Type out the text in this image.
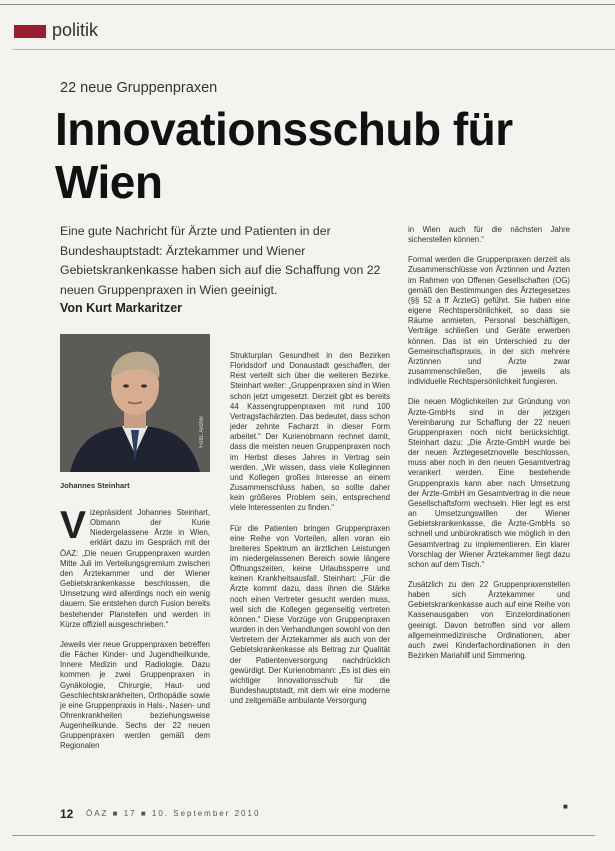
politik
22 neue Gruppenpraxen
Innovationsschub für Wien

Eine gute Nachricht für Ärzte und Patienten in der Bundeshauptstadt: Ärztekammer und Wiener Gebietskrankenkasse haben sich auf die Schaffung von 22 neuen Gruppenpraxen in Wien geeinigt.

Von Kurt Markaritzer
Foto: Archiv
Johannes Steinhart

Vizepräsident Johannes Steinhart, Obmann der Kurie Niedergelassene Ärzte in Wien, erklärt dazu im Gespräch mit der ÖAZ: „Die neuen Gruppenpraxen wurden Mitte Juli im Verteilungsgremium zwischen den Ärztekammer und der Wiener Gebietskrankenkasse beschlossen, die Umsetzung wird allerdings noch ein wenig dauern. Sie entstehen durch Fusion bereits bestehender Planstellen und werden in Kürze offiziell ausgeschrieben.“

Jeweils vier neue Gruppenpraxen betreffen die Fächer Kinder- und Jugendheilkunde, Innere Medizin und Radiologie. Dazu kommen je zwei Gruppenpraxen in Gynäkologie, Chirurgie, Haut- und Geschlechtskrankheiten, Orthopädie sowie je eine Gruppenpraxis in Hals-, Nasen- und Ohrenkrankheiten beziehungsweise Augenheilkunde. Sechs der 22 neuen Gruppenpraxen werden gemäß dem Regionalen

Strukturplan Gesundheit in den Bezirken Floridsdorf und Donaustadt geschaffen, der Rest verteilt sich über die weiteren Bezirke. Steinhart weiter: „Gruppenpraxen sind in Wien schon jetzt umgesetzt. Derzeit gibt es bereits 44 Kassengruppenpraxen mit rund 100 Vertragsfachärzten. Das bedeutet, dass schon jeder zehnte Facharzt in dieser Form arbeitet.“ Der Kurienobmann rechnet damit, dass die meisten neuen Gruppenpraxen noch im Herbst dieses Jahres in Vertrag sein werden. „Wir wissen, dass viele Kolleginnen und Kollegen großes Interesse an einem Zusammenschluss haben, so sollte daher kein größeres Problem sein, entsprechend viele Interessenten zu finden.“

Für die Patienten bringen Gruppenpraxen eine Reihe von Vorteilen, allen voran ein breiteres Spektrum an ärztlichen Leistungen im niedergelassenen Bereich sowie längere Öffnungszeiten, keine Urlaubssperre und keinen Krankheitsausfall. Steinhart: „Für die Ärzte kommt dazu, dass ihnen die Stärke noch einen Vertreter gesucht werden muss, weil sich die Kollegen gegenseitig vertreten können.“ Diese Vorzüge von Gruppenpraxen wurden in den Verhandlungen sowohl von den Vertretern der Ärztekammer als auch von der Gebietskrankenkasse als Beitrag zur Qualität der Patientenversorgung nachdrücklich gewürdigt. Der Kurienobmann: „Es ist dies ein wichtiger Innovationsschub für die Bundeshauptstadt, mit dem wir eine moderne und zeitgemäße ambulante Versorgung

in Wien auch für die nächsten Jahre sicherstellen können.“

Formal werden die Gruppenpraxen derzeit als Zusammenschlüsse von Ärztinnen und Ärzten im Rahmen von Offenen Gesellschaften (OG) gemäß den Bestimmungen des Ärztegesetzes (§§ 52 a ff ÄrzteG) geführt. Sie haben eine eigene Rechtspersönlichkeit, so dass sie Räume anmieten, Personal beschäftigen, Verträge schließen und Geräte erwerben können. Das ist ein Unterschied zu der Gemeinschaftspraxis, in der sich mehrere Ärztinnen und Ärzte zwar zusammenschließen, die jeweils als individuelle Rechtspersönlichkeit fungieren.

Die neuen Möglichkeiten zur Gründung von Ärzte-GmbHs sind in der jetzigen Vereinbarung zur Schaffung der 22 neuen Gruppenpraxen noch nicht berücksichtigt. Steinhart dazu: „Die Ärzte-GmbH wurde bei der neuen Ärztegesetznovelle beschlossen, muss aber noch in den neuen Gesamtvertrag verankert werden. Eine bestehende Gruppenpraxis kann aber nach Umsetzung der Ärzte-GmbH im Gesamtvertrag in die neue Gesellschaftsform wechseln. Hier legt es erst an Umsetzungswillen der Wiener Gebietskrankenkasse, die Ärzte-GmbHs so schnell und unbürokratisch wie möglich in den Gesamtvertrag zu implementieren. Ein klarer Vorschlag der Wiener Ärztekammer liegt dazu schon auf dem Tisch.“

Zusätzlich zu den 22 Gruppenpraxenstellen haben sich Ärztekammer und Gebietskrankenkasse auch auf eine Reihe von Kassenausgaben von Einzelordinationen geeinigt. Davon betroffen sind vor allem allgemeinmedizinische Ordinationen, aber auch zwei Kinderfachordinationen in den Bezirken Mariahilf und Simmering.

■
12 ÖAZ ■ 17 ■ 10. September 2010
